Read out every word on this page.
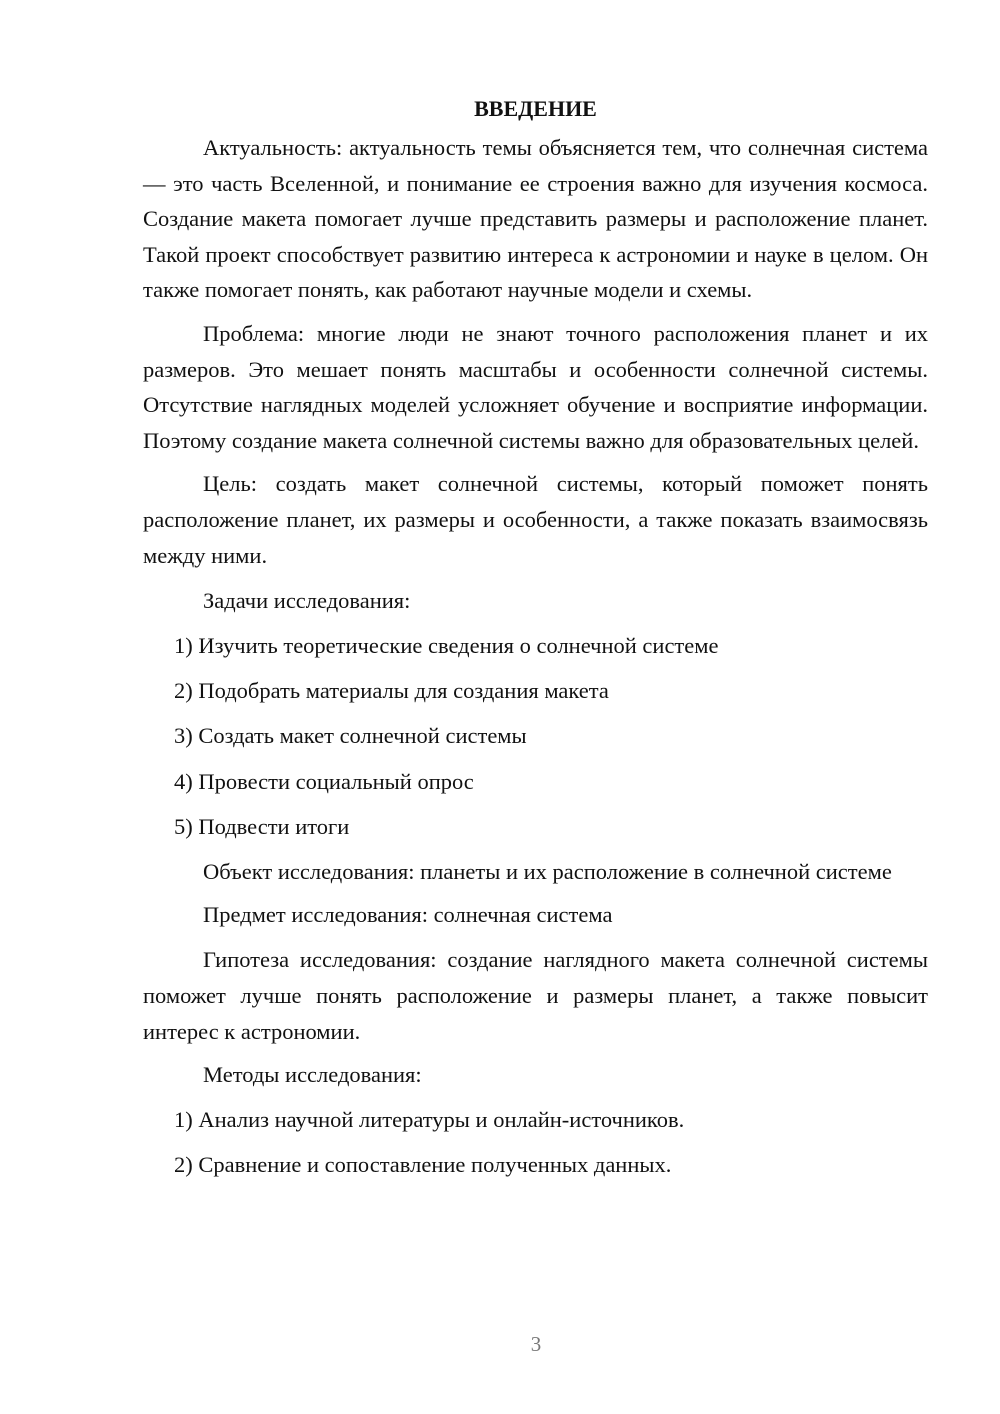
ВВЕДЕНИЕ

Актуальность: актуальность темы объясняется тем, что солнечная система — это часть Вселенной, и понимание ее строения важно для изучения космоса. Создание макета помогает лучше представить размеры и расположение планет. Такой проект способствует развитию интереса к астрономии и науке в целом. Он также помогает понять, как работают научные модели и схемы.

Проблема: многие люди не знают точного расположения планет и их размеров. Это мешает понять масштабы и особенности солнечной системы. Отсутствие наглядных моделей усложняет обучение и восприятие информации. Поэтому создание макета солнечной системы важно для образовательных целей.

Цель: создать макет солнечной системы, который поможет понять расположение планет, их размеры и особенности, а также показать взаимосвязь между ними.

Задачи исследования:
1) Изучить теоретические сведения о солнечной системе
2) Подобрать материалы для создания макета
3) Создать макет солнечной системы
4) Провести социальный опрос
5) Подвести итоги

Объект исследования: планеты и их расположение в солнечной системе

Предмет исследования: солнечная система

Гипотеза исследования: создание наглядного макета солнечной системы поможет лучше понять расположение и размеры планет, а также повысит интерес к астрономии.

Методы исследования:
1) Анализ научной литературы и онлайн-источников.
2) Сравнение и сопоставление полученных данных.
3
